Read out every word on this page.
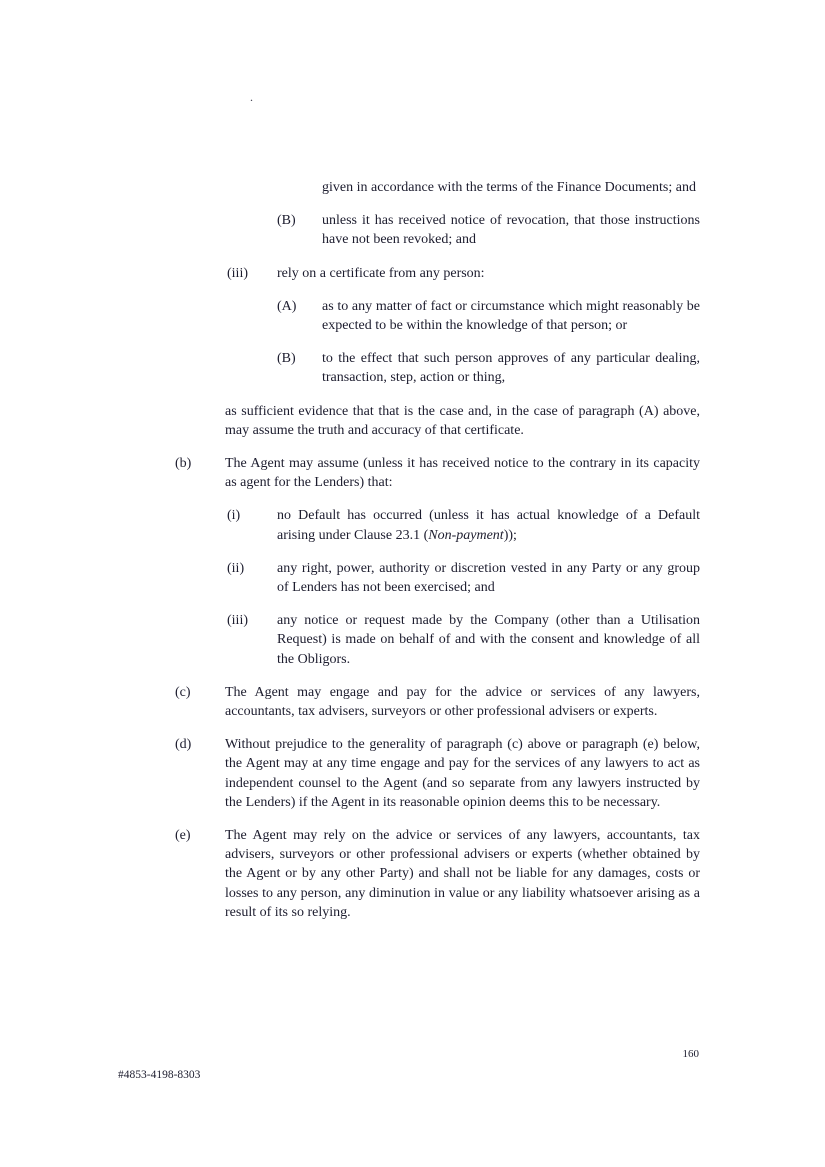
.
given in accordance with the terms of the Finance Documents; and
(B)	unless it has received notice of revocation, that those instructions have not been revoked; and
(iii)	rely on a certificate from any person:
(A)	as to any matter of fact or circumstance which might reasonably be expected to be within the knowledge of that person; or
(B)	to the effect that such person approves of any particular dealing, transaction, step, action or thing,
as sufficient evidence that that is the case and, in the case of paragraph (A) above, may assume the truth and accuracy of that certificate.
(b)	The Agent may assume (unless it has received notice to the contrary in its capacity as agent for the Lenders) that:
(i)	no Default has occurred (unless it has actual knowledge of a Default arising under Clause 23.1 (Non-payment));
(ii)	any right, power, authority or discretion vested in any Party or any group of Lenders has not been exercised; and
(iii)	any notice or request made by the Company (other than a Utilisation Request) is made on behalf of and with the consent and knowledge of all the Obligors.
(c)	The Agent may engage and pay for the advice or services of any lawyers, accountants, tax advisers, surveyors or other professional advisers or experts.
(d)	Without prejudice to the generality of paragraph (c) above or paragraph (e) below, the Agent may at any time engage and pay for the services of any lawyers to act as independent counsel to the Agent (and so separate from any lawyers instructed by the Lenders) if the Agent in its reasonable opinion deems this to be necessary.
(e)	The Agent may rely on the advice or services of any lawyers, accountants, tax advisers, surveyors or other professional advisers or experts (whether obtained by the Agent or by any other Party) and shall not be liable for any damages, costs or losses to any person, any diminution in value or any liability whatsoever arising as a result of its so relying.
160
#4853-4198-8303
